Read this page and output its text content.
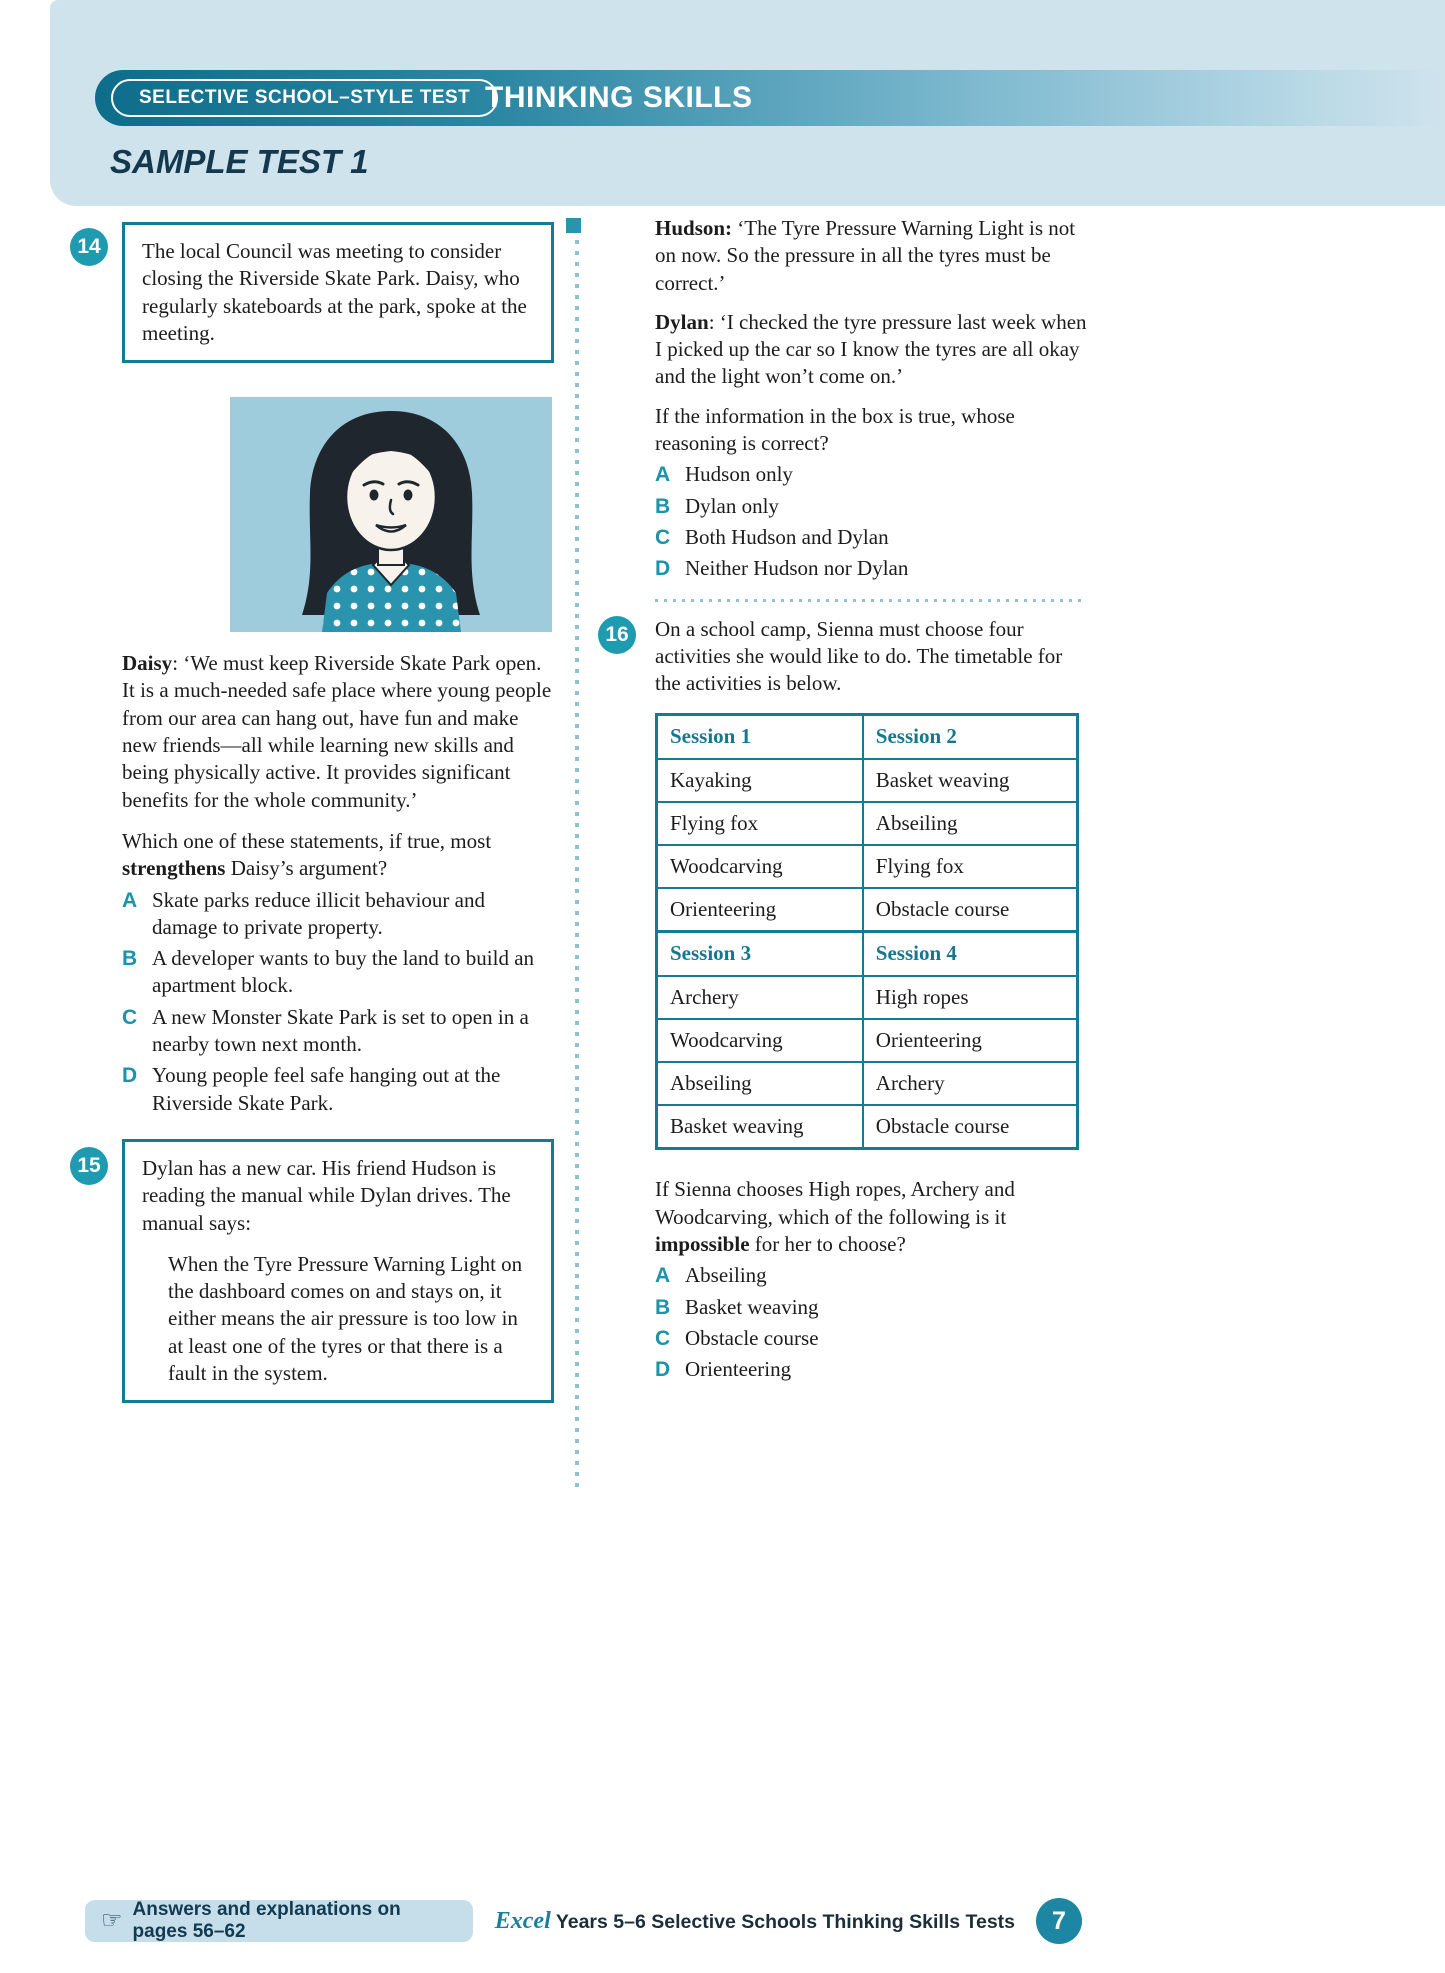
SELECTIVE SCHOOL–STYLE TEST THINKING SKILLS
SAMPLE TEST 1
14	The local Council was meeting to consider closing the Riverside Skate Park. Daisy, who regularly skateboards at the park, spoke at the meeting.

Daisy: ‘We must keep Riverside Skate Park open. It is a much-needed safe place where young people from our area can hang out, have fun and make new friends—all while learning new skills and being physically active. It provides significant benefits for the whole community.’

Which one of these statements, if true, most strengthens Daisy’s argument?

A Skate parks reduce illicit behaviour and damage to private property.
B A developer wants to buy the land to build an apartment block.
C A new Monster Skate Park is set to open in a nearby town next month.
D Young people feel safe hanging out at the Riverside Skate Park.
15	Dylan has a new car. His friend Hudson is reading the manual while Dylan drives. The manual says:

When the Tyre Pressure Warning Light on the dashboard comes on and stays on, it either means the air pressure is too low in at least one of the tyres or that there is a fault in the system.

Hudson: ‘The Tyre Pressure Warning Light is not on now. So the pressure in all the tyres must be correct.’

Dylan: ‘I checked the tyre pressure last week when I picked up the car so I know the tyres are all okay and the light won’t come on.’

If the information in the box is true, whose reasoning is correct?

A Hudson only
B Dylan only
C Both Hudson and Dylan
D Neither Hudson nor Dylan
16	On a school camp, Sienna must choose four activities she would like to do. The timetable for the activities is below.

Session 1	Session 2
Kayaking	Basket weaving
Flying fox	Abseiling
Woodcarving	Flying fox
Orienteering	Obstacle course
Session 3	Session 4
Archery	High ropes
Woodcarving	Orienteering
Abseiling	Archery
Basket weaving	Obstacle course

If Sienna chooses High ropes, Archery and Woodcarving, which of the following is it impossible for her to choose?

A Abseiling
B Basket weaving
C Obstacle course
D Orienteering
☞ Answers and explanations on pages 56–62	Excel Years 5–6 Selective Schools Thinking Skills Tests	7
